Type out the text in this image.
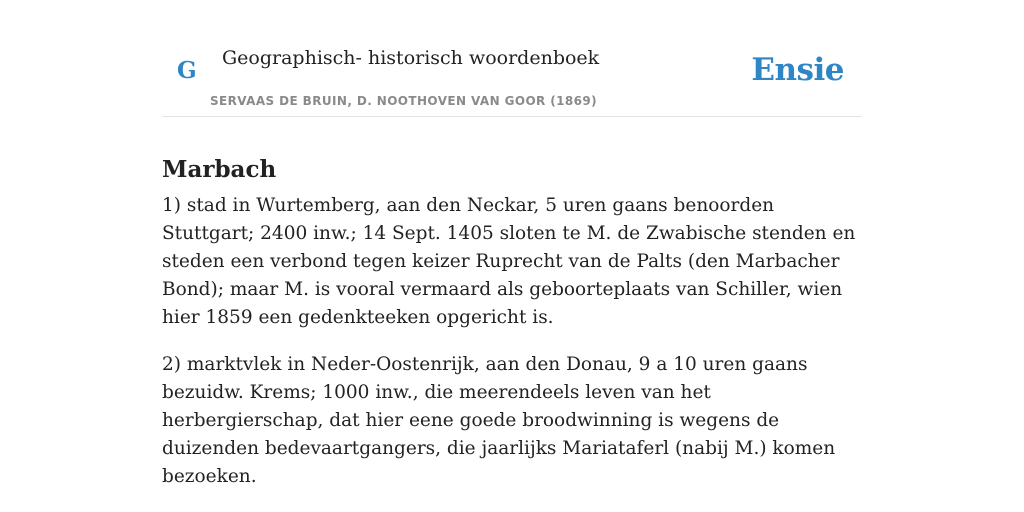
G Geographisch- historisch woordenboek
SERVAAS DE BRUIN, D. NOOTHOVEN VAN GOOR (1869)
Ensie
Marbach

1) stad in Wurtemberg, aan den Neckar, 5 uren gaans benoorden Stuttgart; 2400 inw.; 14 Sept. 1405 sloten te M. de Zwabische stenden en steden een verbond tegen keizer Ruprecht van de Palts (den Marbacher Bond); maar M. is vooral vermaard als geboorteplaats van Schiller, wien hier 1859 een gedenkteeken opgericht is.

2) marktvlek in Neder-Oostenrijk, aan den Donau, 9 a 10 uren gaans bezuidw. Krems; 1000 inw., die meerendeels leven van het herbergierschap, dat hier eene goede broodwinning is wegens de duizenden bedevaartgangers, die jaarlijks Mariataferl (nabij M.) komen bezoeken.
